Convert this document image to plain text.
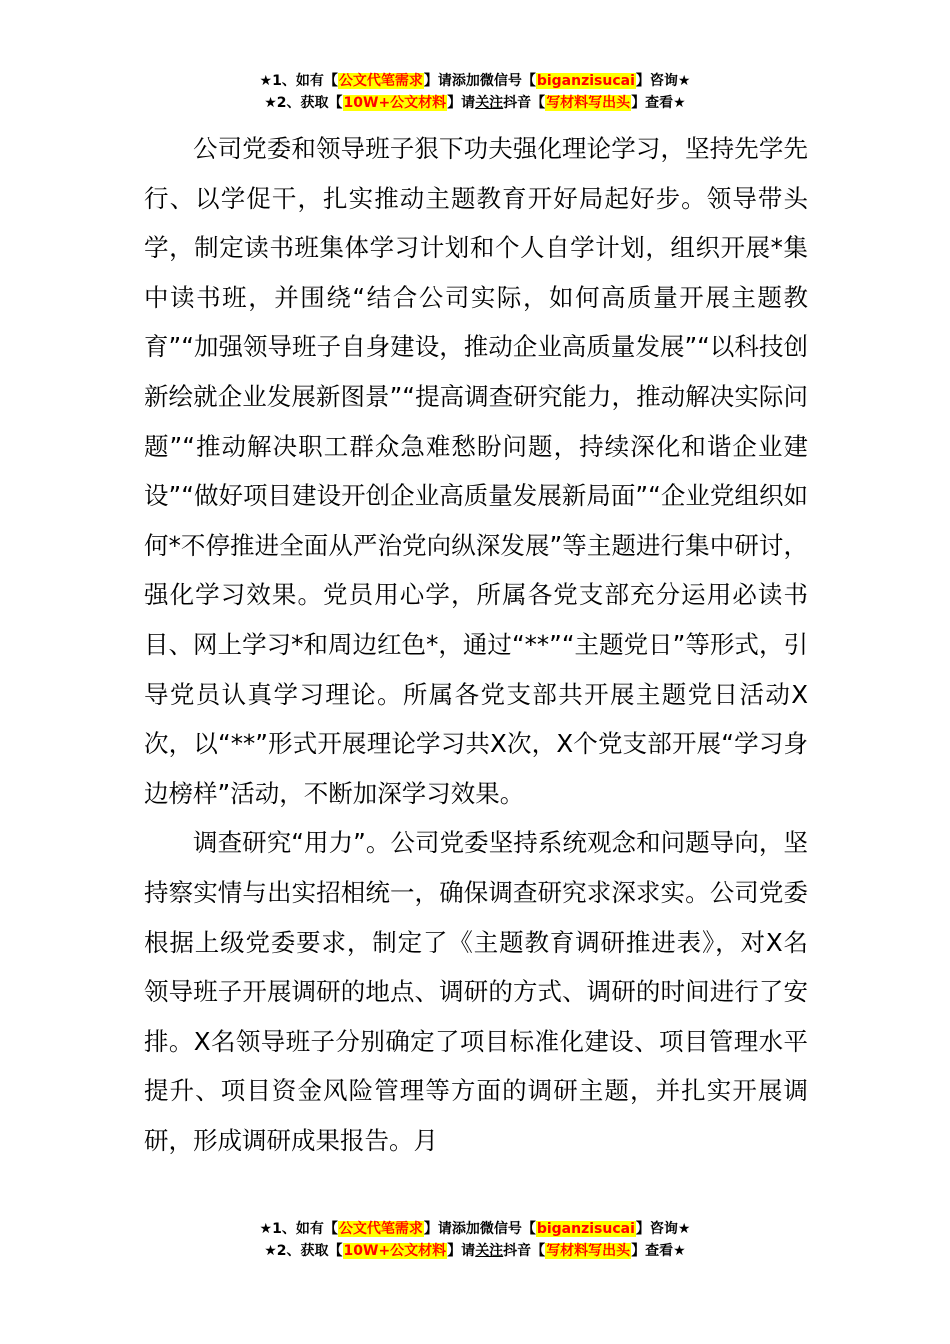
★1、如有【公文代笔需求】请添加微信号【biganzisucai】咨询★
★2、获取【10W+公文材料】请关注抖音【写材料写出头】查看★

公司党委和领导班子狠下功夫强化理论学习，坚持先学先行、以学促干，扎实推动主题教育开好局起好步。领导带头学，制定读书班集体学习计划和个人自学计划，组织开展*集中读书班，并围绕“结合公司实际，如何高质量开展主题教育”“加强领导班子自身建设，推动企业高质量发展”“以科技创新绘就企业发展新图景”“提高调查研究能力，推动解决实际问题”“推动解决职工群众急难愁盼问题，持续深化和谐企业建设”“做好项目建设开创企业高质量发展新局面”“企业党组织如何*不停推进全面从严治党向纵深发展”等主题进行集中研讨，强化学习效果。党员用心学，所属各党支部充分运用必读书目、网上学习*和周边红色*，通过“**”“主题党日”等形式，引导党员认真学习理论。所属各党支部共开展主题党日活动X次，以“**”形式开展理论学习共X次，X个党支部开展“学习身边榜样”活动，不断加深学习效果。

调查研究“用力”。公司党委坚持系统观念和问题导向，坚持察实情与出实招相统一，确保调查研究求深求实。公司党委根据上级党委要求，制定了《主题教育调研推进表》，对X名领导班子开展调研的地点、调研的方式、调研的时间进行了安排。X名领导班子分别确定了项目标准化建设、项目管理水平提升、项目资金风险管理等方面的调研主题，并扎实开展调研，形成调研成果报告。月

★1、如有【公文代笔需求】请添加微信号【biganzisucai】咨询★
★2、获取【10W+公文材料】请关注抖音【写材料写出头】查看★
